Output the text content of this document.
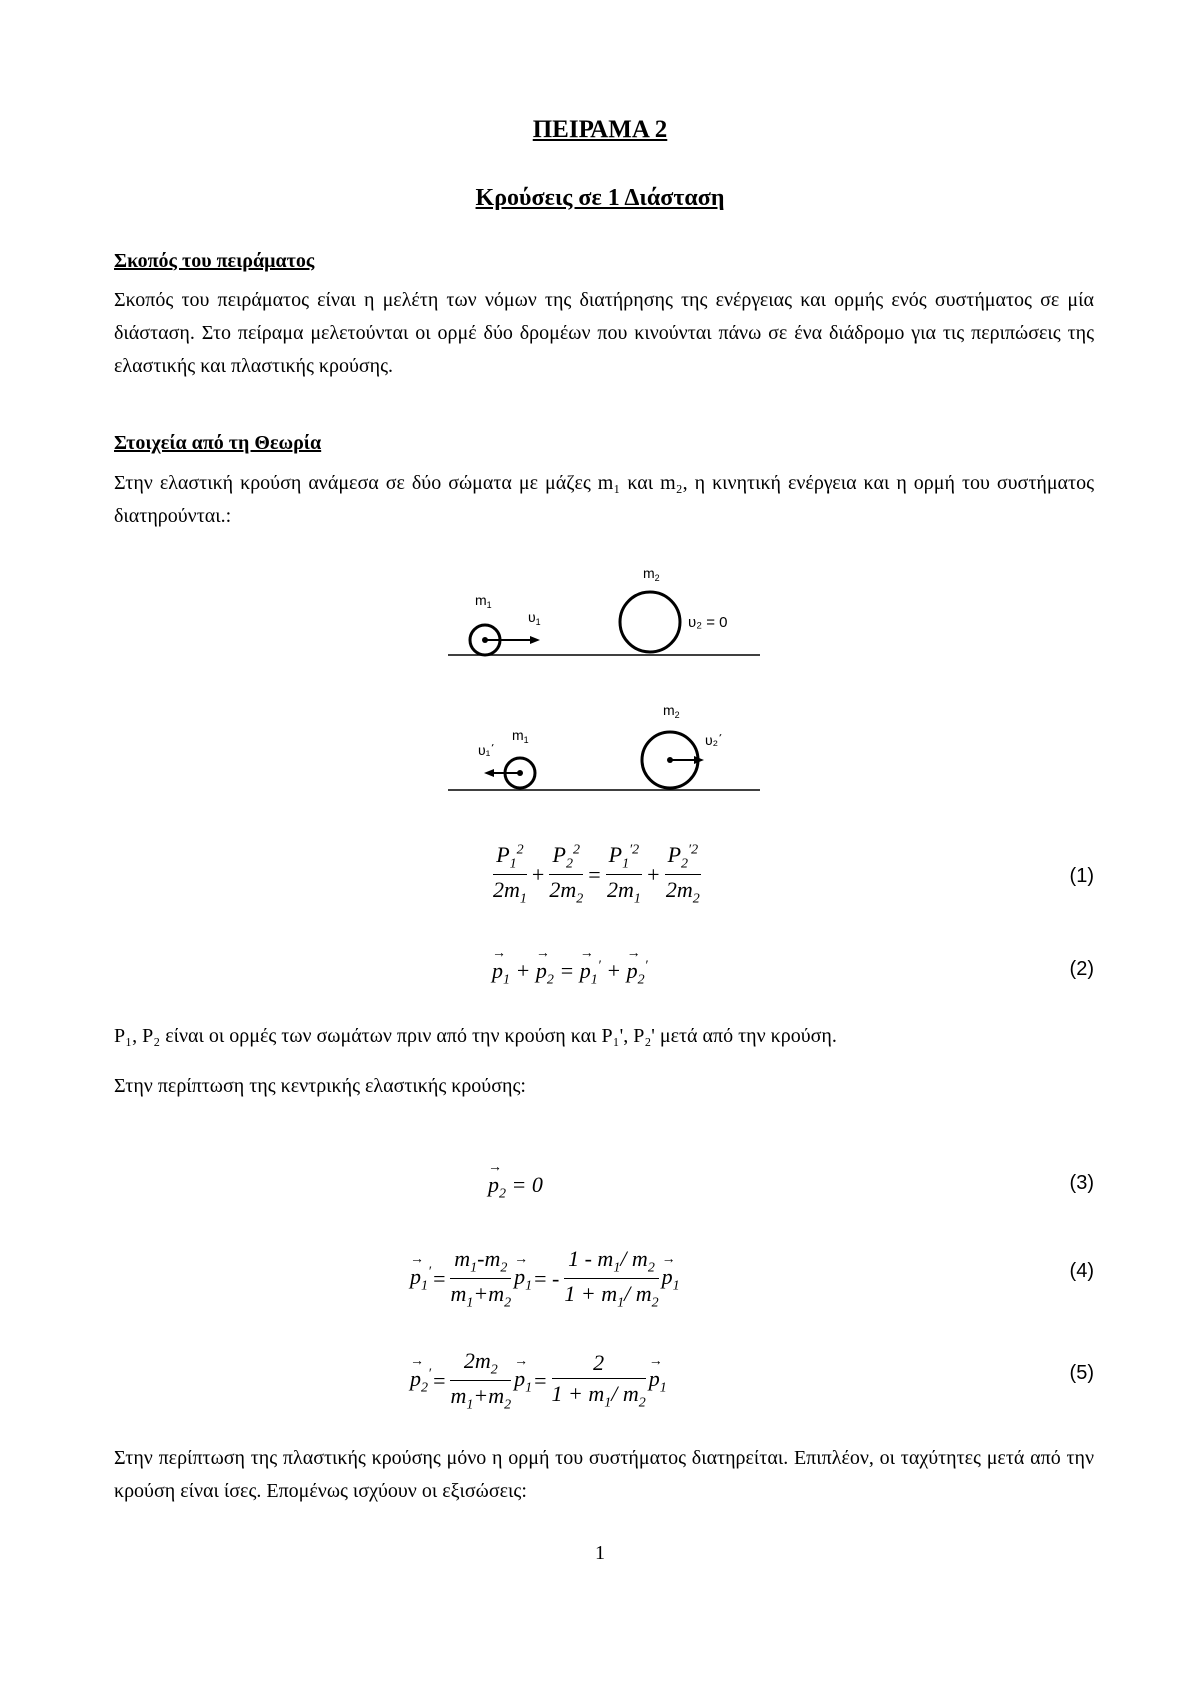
ΠΕΙΡΑΜΑ 2
Κρούσεις σε 1 Διάσταση
Σκοπός του πειράματος
Σκοπός του πειράματος είναι η μελέτη των νόμων της διατήρησης της ενέργειας και ορμής ενός συστήματος σε μία διάσταση. Στο πείραμα μελετούνται οι ορμέ δύο δρομέων που κινούνται πάνω σε ένα διάδρομο για τις περιπώσεις της ελαστικής και πλαστικής κρούσης.
Στοιχεία από τη Θεωρία
Στην ελαστική κρούση ανάμεσα σε δύο σώματα με μάζες m₁ και m₂, η κινητική ενέργεια και η ορμή του συστήματος διατηρούνται.:
$m_1$
$\upsilon_1$
$m_2$
υ₂ = 0
υ₁΄
$m_1$
$m_2$
υ₂΄
$\frac{P_1^2}{2m_1} + \frac{P_2^2}{2m_2} = \frac{P_1^{'2}}{2m_1} + \frac{P_2^{'2}}{2m_2}$	(1)
→ $p_1$ + → $p_2$ = → $p_1'$ + → $p_2'$	(2)
P₁, P₂ είναι οι ορμές των σωμάτων πριν από την κρούση και P₁', P₂' μετά από την κρούση.
Στην περίπτωση της κεντρικής ελαστικής κρούσης:
→ $p_2 = 0$	(3)
→ $p_1'= \frac{m_1-m_2}{m_1+m_2}$
→ $p_1= - \frac{1 - m_1/ m_2}{1 + m_1/ m_2}$
→ $p_1$
(4)
→ $p_2'= \frac{2m_2}{m_1+m_2}$
→ $p_1= \frac{2}{1 + m_1/ m_2}$
→ $p_1$
(5)
Στην περίπτωση της πλαστικής κρούσης μόνο η ορμή του συστήματος διατηρείται. Επιπλέον, οι ταχύτητες μετά από την κρούση είναι ίσες. Επομένως ισχύουν οι εξισώσεις:
1
